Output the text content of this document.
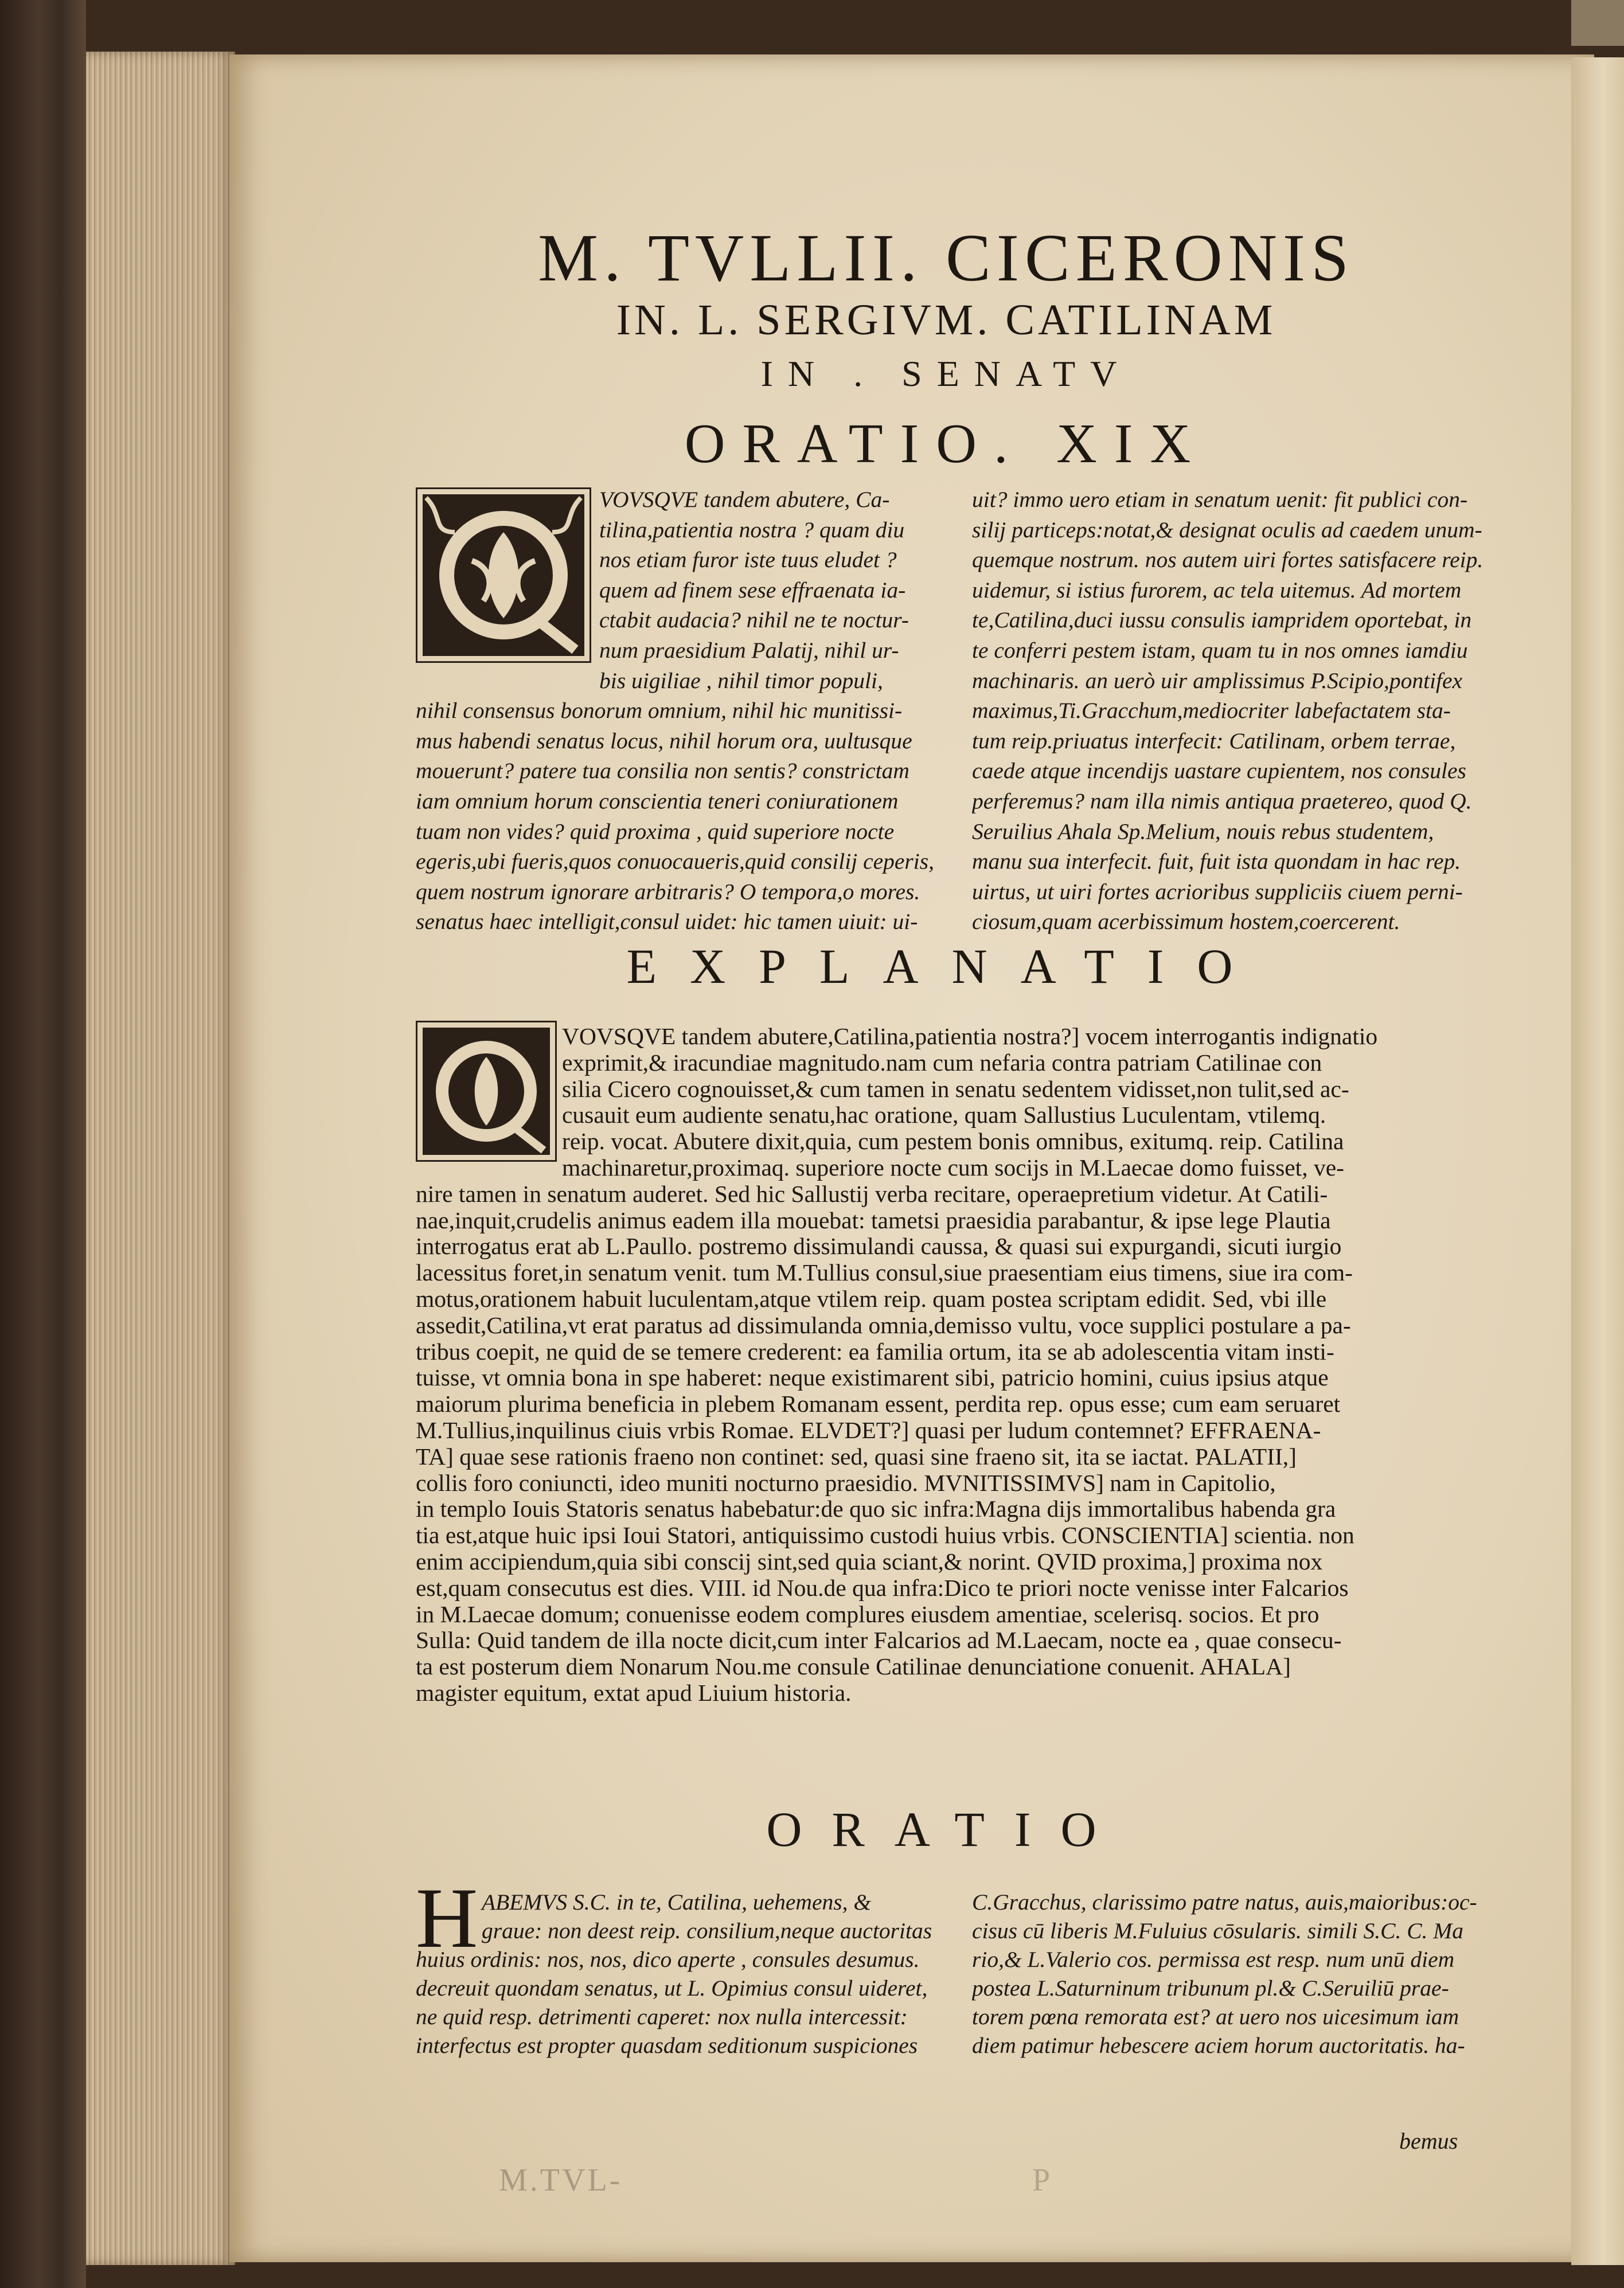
M. TVLLII. CICERONIS
IN. L. SERGIVM. CATILINAM
IN . SENATV
ORATIO. XIX
VOVSQVE tandem abutere, Ca-
tilina,patientia nostra ? quam diu
nos etiam furor iste tuus eludet ?
quem ad finem sese effraenata ia-
ctabit audacia? nihil ne te noctur-
num praesidium Palatij, nihil ur-
bis uigiliae , nihil timor populi,
nihil consensus bonorum omnium, nihil hic munitissi-
mus habendi senatus locus, nihil horum ora, uultusque
mouerunt? patere tua consilia non sentis? constrictam
iam omnium horum conscientia teneri coniurationem
tuam non vides? quid proxima , quid superiore nocte
egeris,ubi fueris,quos conuocaueris,quid consilij ceperis,
quem nostrum ignorare arbitraris? O tempora,o mores.
senatus haec intelligit,consul uidet: hic tamen uiuit: ui-
uit? immo uero etiam in senatum uenit: fit publici con-
silij particeps:notat,& designat oculis ad caedem unum-
quemque nostrum. nos autem uiri fortes satisfacere reip.
uidemur, si istius furorem, ac tela uitemus. Ad mortem
te,Catilina,duci iussu consulis iampridem oportebat, in
te conferri pestem istam, quam tu in nos omnes iamdiu
machinaris. an uerò uir amplissimus P.Scipio,pontifex
maximus,Ti.Gracchum,mediocriter labefactatem sta-
tum reip.priuatus interfecit: Catilinam, orbem terrae,
caede atque incendijs uastare cupientem, nos consules
perferemus? nam illa nimis antiqua praetereo, quod Q.
Seruilius Ahala Sp.Melium, nouis rebus studentem,
manu sua interfecit. fuit, fuit ista quondam in hac rep.
uirtus, ut uiri fortes acrioribus suppliciis ciuem perni-
ciosum,quam acerbissimum hostem,coercerent.
EXPLANATIO
VOVSQVE tandem abutere,Catilina,patientia nostra?] vocem interrogantis indignatio
exprimit,& iracundiae magnitudo.nam cum nefaria contra patriam Catilinae con
silia Cicero cognouisset,& cum tamen in senatu sedentem vidisset,non tulit,sed ac-
cusauit eum audiente senatu,hac oratione, quam Sallustius Luculentam, vtilemq.
reip. vocat. Abutere dixit,quia, cum pestem bonis omnibus, exitumq. reip. Catilina
machinaretur,proximaq. superiore nocte cum socijs in M.Laecae domo fuisset, ve-
nire tamen in senatum auderet. Sed hic Sallustij verba recitare, operaepretium videtur. At Catili-
nae,inquit,crudelis animus eadem illa mouebat: tametsi praesidia parabantur, & ipse lege Plautia
interrogatus erat ab L.Paullo. postremo dissimulandi caussa, & quasi sui expurgandi, sicuti iurgio
lacessitus foret,in senatum venit. tum M.Tullius consul,siue praesentiam eius timens, siue ira com-
motus,orationem habuit luculentam,atque vtilem reip. quam postea scriptam edidit. Sed, vbi ille
assedit,Catilina,vt erat paratus ad dissimulanda omnia,demisso vultu, voce supplici postulare a pa-
tribus coepit, ne quid de se temere crederent: ea familia ortum, ita se ab adolescentia vitam insti-
tuisse, vt omnia bona in spe haberet: neque existimarent sibi, patricio homini, cuius ipsius atque
maiorum plurima beneficia in plebem Romanam essent, perdita rep. opus esse; cum eam seruaret
M.Tullius,inquilinus ciuis vrbis Romae. ELVDET?] quasi per ludum contemnet? EFFRAENA-
TA] quae sese rationis fraeno non continet: sed, quasi sine fraeno sit, ita se iactat. PALATII,]
collis foro coniuncti, ideo muniti nocturno praesidio. MVNITISSIMVS] nam in Capitolio,
in templo Iouis Statoris senatus habebatur:de quo sic infra:Magna dijs immortalibus habenda gra
tia est,atque huic ipsi Ioui Statori, antiquissimo custodi huius vrbis. CONSCIENTIA] scientia. non
enim accipiendum,quia sibi conscij sint,sed quia sciant,& norint. QVID proxima,] proxima nox
est,quam consecutus est dies. VIII. id Nou.de qua infra:Dico te priori nocte venisse inter Falcarios
in M.Laecae domum; conuenisse eodem complures eiusdem amentiae, scelerisq. socios. Et pro
Sulla: Quid tandem de illa nocte dicit,cum inter Falcarios ad M.Laecam, nocte ea , quae consecu-
ta est posterum diem Nonarum Nou.me consule Catilinae denunciatione conuenit. AHALA]
magister equitum, extat apud Liuium historia.
ORATIO
H ABEMVS S.C. in te, Catilina, uehemens, &
graue: non deest reip. consilium,neque auctoritas
huius ordinis: nos, nos, dico aperte , consules desumus.
decreuit quondam senatus, ut L. Opimius consul uideret,
ne quid resp. detrimenti caperet: nox nulla intercessit:
interfectus est propter quasdam seditionum suspiciones
C.Gracchus, clarissimo patre natus, auis,maioribus:oc-
cisus cū liberis M.Fuluius cōsularis. simili S.C. C. Ma
rio,& L.Valerio cos. permissa est resp. num unū diem
postea L.Saturninum tribunum pl.& C.Seruiliū prae-
torem pœna remorata est? at uero nos uicesimum iam
diem patimur hebescere aciem horum auctoritatis. ha-
bemus
M.TVL-	P
